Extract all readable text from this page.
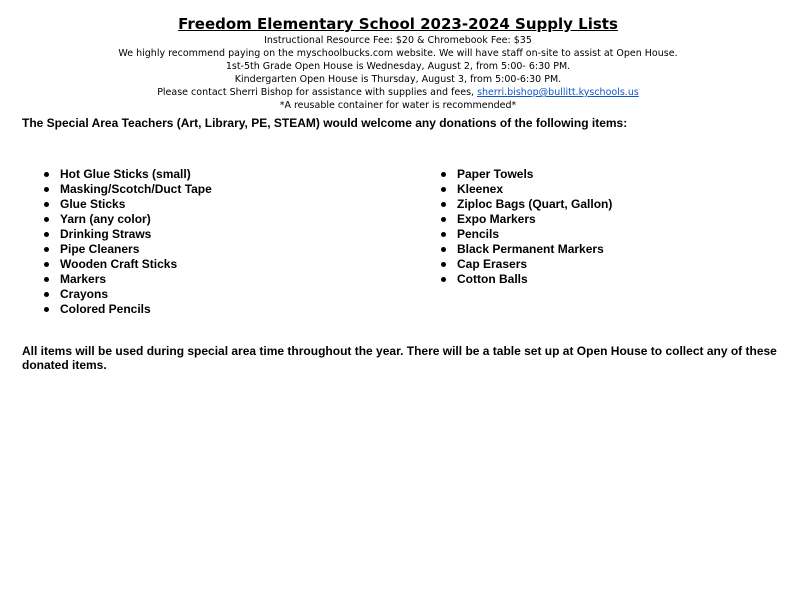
Freedom Elementary School 2023-2024 Supply Lists
Instructional Resource Fee: $20 & Chromebook Fee: $35
We highly recommend paying on the myschoolbucks.com website. We will have staff on-site to assist at Open House.
1st-5th Grade Open House is Wednesday, August 2, from 5:00- 6:30 PM.
Kindergarten Open House is Thursday, August 3, from 5:00-6:30 PM.
Please contact Sherri Bishop for assistance with supplies and fees, sherri.bishop@bullitt.kyschools.us
*A reusable container for water is recommended*
The Special Area Teachers (Art, Library, PE, STEAM) would welcome any donations of the following items:
Hot Glue Sticks (small)
Masking/Scotch/Duct Tape
Glue Sticks
Yarn (any color)
Drinking Straws
Pipe Cleaners
Wooden Craft Sticks
Markers
Crayons
Colored Pencils
Paper Towels
Kleenex
Ziploc Bags (Quart, Gallon)
Expo Markers
Pencils
Black Permanent Markers
Cap Erasers
Cotton Balls
All items will be used during special area time throughout the year. There will be a table set up at Open House to collect any of these donated items.
